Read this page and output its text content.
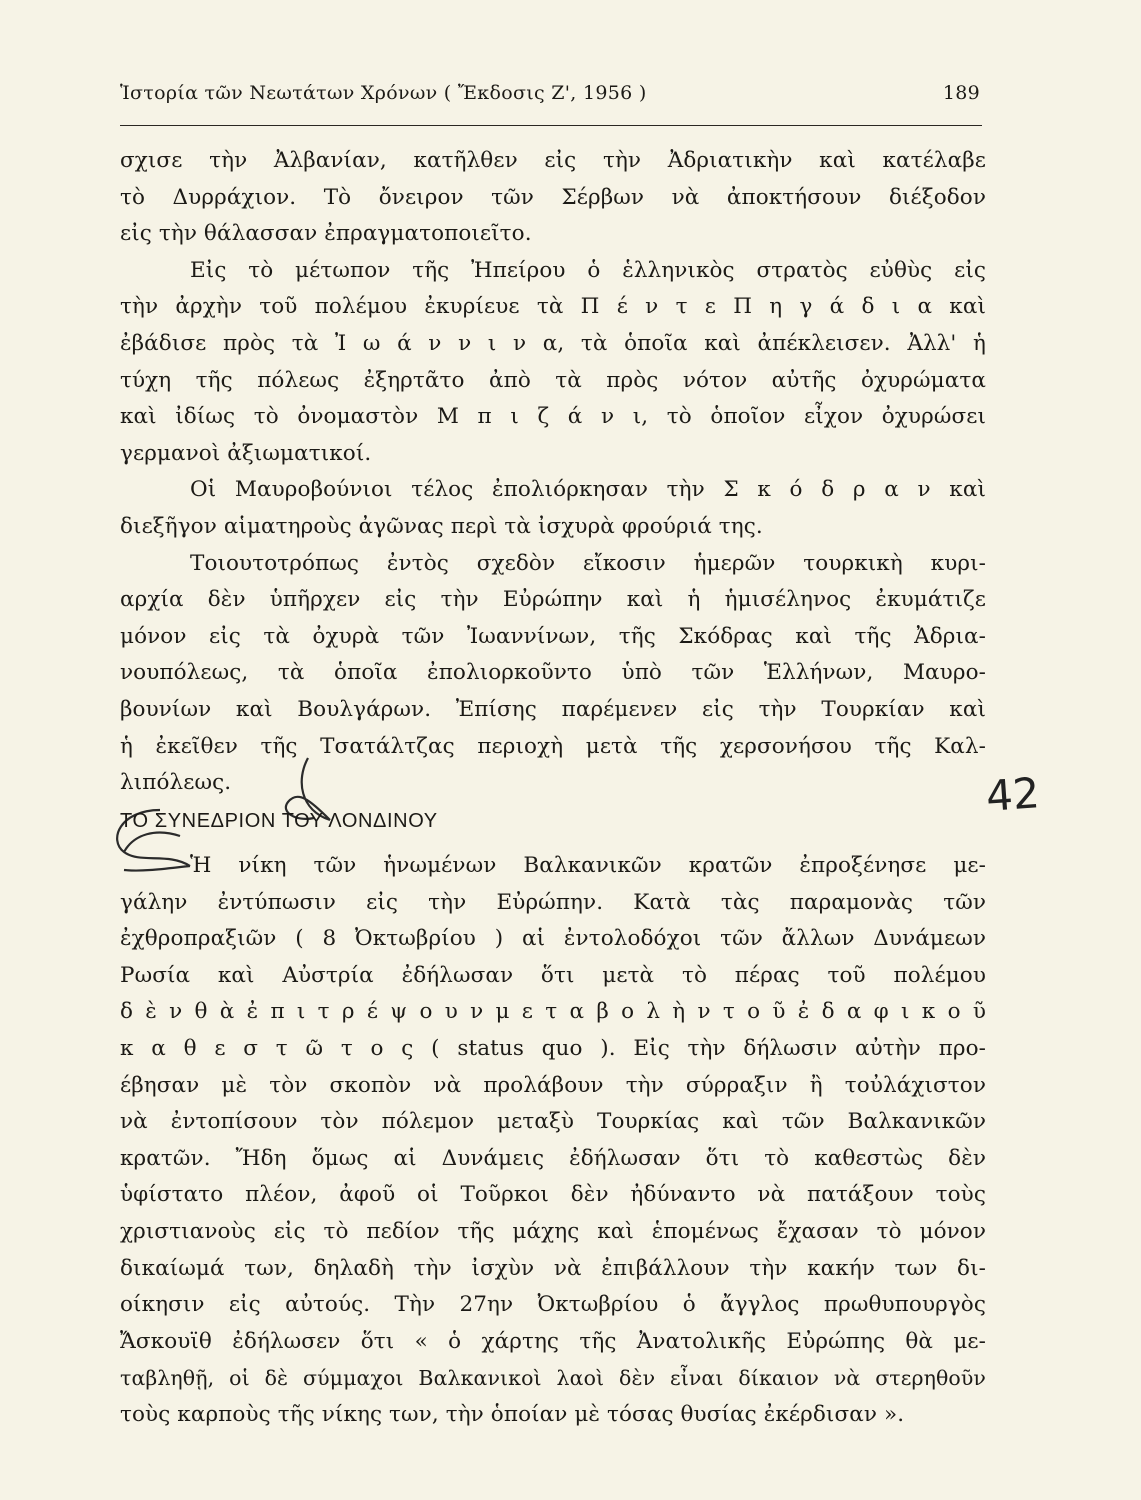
Ἱστορία τῶν Νεωτάτων Χρόνων ( Ἔκδοσις Ζ', 1956 )	189
σχισε τὴν Ἀλβανίαν, κατῆλθεν εἰς τὴν Ἀδριατικὴν καὶ κατέλαβε
τὸ Δυρράχιον. Τὸ ὄνειρον τῶν Σέρβων νὰ ἀποκτήσουν διέξοδον
εἰς τὴν θάλασσαν ἐπραγματοποιεῖτο.
Εἰς τὸ μέτωπον τῆς Ἠπείρου ὁ ἑλληνικὸς στρατὸς εὐθὺς εἰς
τὴν ἀρχὴν τοῦ πολέμου ἐκυρίευε τὰ Π έ ν τ ε Π η γ ά δ ι α καὶ
ἐβάδισε πρὸς τὰ Ἰ ω ά ν ν ι ν α, τὰ ὁποῖα καὶ ἀπέκλεισεν. Ἀλλ' ἡ
τύχη τῆς πόλεως ἐξηρτᾶτο ἀπὸ τὰ πρὸς νότον αὐτῆς ὀχυρώματα
καὶ ἰδίως τὸ ὀνομαστὸν Μ π ι ζ ά ν ι, τὸ ὁποῖον εἶχον ὀχυρώσει
γερμανοὶ ἀξιωματικοί.
Οἱ Μαυροβούνιοι τέλος ἐπολιόρκησαν τὴν Σ κ ό δ ρ α ν καὶ
διεξῆγον αἱματηροὺς ἀγῶνας περὶ τὰ ἰσχυρὰ φρούριά της.
Τοιουτοτρόπως ἐντὸς σχεδὸν εἴκοσιν ἡμερῶν τουρκικὴ κυρι-
αρχία δὲν ὑπῆρχεν εἰς τὴν Εὐρώπην καὶ ἡ ἡμισέληνος ἐκυμάτιζε
μόνον εἰς τὰ ὀχυρὰ τῶν Ἰωαννίνων, τῆς Σκόδρας καὶ τῆς Ἀδρια-
νουπόλεως, τὰ ὁποῖα ἐπολιορκοῦντο ὑπὸ τῶν Ἑλλήνων, Μαυρο-
βουνίων καὶ Βουλγάρων. Ἐπίσης παρέμενεν εἰς τὴν Τουρκίαν καὶ
ἡ ἐκεῖθεν τῆς Τσατάλτζας περιοχὴ μετὰ τῆς χερσονήσου τῆς Καλ-
λιπόλεως.
ΤΟ ΣΥΝΕΔΡΙΟΝ ΤΟΥ ΛΟΝΔΙΝΟΥ
42
Ἡ νίκη τῶν ἡνωμένων Βαλκανικῶν κρατῶν ἐπροξένησε με-
γάλην ἐντύπωσιν εἰς τὴν Εὐρώπην. Κατὰ τὰς παραμονὰς τῶν
ἐχθροπραξιῶν ( 8 Ὀκτωβρίου ) αἱ ἐντολοδόχοι τῶν ἄλλων Δυνάμεων
Ρωσία καὶ Αὐστρία ἐδήλωσαν ὅτι μετὰ τὸ πέρας τοῦ πολέμου
δ ὲ ν θ ὰ ἐ π ι τ ρ έ ψ ο υ ν μ ε τ α β ο λ ὴ ν τ ο ῦ ἐ δ α φ ι κ ο ῦ
κ α θ ε σ τ ῶ τ ο ς ( status quo ). Εἰς τὴν δήλωσιν αὐτὴν προ-
έβησαν μὲ τὸν σκοπὸν νὰ προλάβουν τὴν σύρραξιν ἢ τοὐλάχιστον
νὰ ἐντοπίσουν τὸν πόλεμον μεταξὺ Τουρκίας καὶ τῶν Βαλκανικῶν
κρατῶν. Ἤδη ὅμως αἱ Δυνάμεις ἐδήλωσαν ὅτι τὸ καθεστὼς δὲν
ὑφίστατο πλέον, ἀφοῦ οἱ Τοῦρκοι δὲν ἠδύναντο νὰ πατάξουν τοὺς
χριστιανοὺς εἰς τὸ πεδίον τῆς μάχης καὶ ἑπομένως ἔχασαν τὸ μόνον
δικαίωμά των, δηλαδὴ τὴν ἰσχὺν νὰ ἐπιβάλλουν τὴν κακήν των δι-
οίκησιν εἰς αὐτούς. Τὴν 27ην Ὀκτωβρίου ὁ ἄγγλος πρωθυπουργὸς
Ἄσκουϊθ ἐδήλωσεν ὅτι « ὁ χάρτης τῆς Ἀνατολικῆς Εὐρώπης θὰ με-
ταβληθῇ, οἱ δὲ σύμμαχοι Βαλκανικοὶ λαοὶ δὲν εἶναι δίκαιον νὰ στερηθοῦν
τοὺς καρποὺς τῆς νίκης των, τὴν ὁποίαν μὲ τόσας θυσίας ἐκέρδισαν ».
